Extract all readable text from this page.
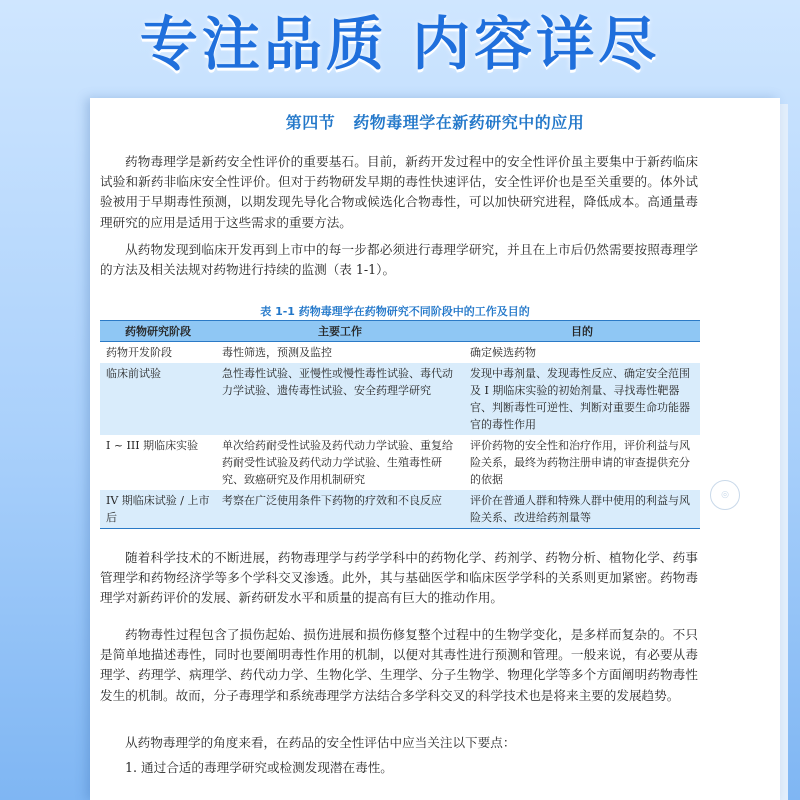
专注品质 内容详尽
第四节 药物毒理学在新药研究中的应用

药物毒理学是新药安全性评价的重要基石。目前，新药开发过程中的安全性评价虽主要集中于新药临床试验和新药非临床安全性评价。但对于药物研发早期的毒性快速评估，安全性评价也是至关重要的。体外试验被用于早期毒性预测，以期发现先导化合物或候选化合物毒性，可以加快研究进程，降低成本。高通量毒理研究的应用是适用于这些需求的重要方法。

从药物发现到临床开发再到上市中的每一步都必须进行毒理学研究，并且在上市后仍然需要按照毒理学的方法及相关法规对药物进行持续的监测（表 1-1）。

表 1-1 药物毒理学在药物研究不同阶段中的工作及目的
药物研究阶段	主要工作	目的
药物开发阶段	毒性筛选，预测及监控	确定候选药物
临床前试验	急性毒性试验、亚慢性或慢性毒性试验、毒代动力学试验、遗传毒性试验、安全药理学研究	发现中毒剂量、发现毒性反应、确定安全范围及 I 期临床实验的初始剂量、寻找毒性靶器官、判断毒性可逆性、判断对重要生命功能器官的毒性作用
I ~ III 期临床实验	单次给药耐受性试验及药代动力学试验、重复给药耐受性试验及药代动力学试验、生殖毒性研究、致癌研究及作用机制研究	评价药物的安全性和治疗作用，评价利益与风险关系，最终为药物注册申请的审查提供充分的依据
IV 期临床试验 / 上市后	考察在广泛使用条件下药物的疗效和不良反应	评价在普通人群和特殊人群中使用的利益与风险关系、改进给药剂量等

随着科学技术的不断进展，药物毒理学与药学学科中的药物化学、药剂学、药物分析、植物化学、药事管理学和药物经济学等多个学科交叉渗透。此外，其与基础医学和临床医学学科的关系则更加紧密。药物毒理学对新药评价的发展、新药研发水平和质量的提高有巨大的推动作用。

药物毒性过程包含了损伤起始、损伤进展和损伤修复整个过程中的生物学变化，是多样而复杂的。不只是简单地描述毒性，同时也要阐明毒性作用的机制，以便对其毒性进行预测和管理。一般来说，有必要从毒理学、药理学、病理学、药代动力学、生物化学、生理学、分子生物学、物理化学等多个方面阐明药物毒性发生的机制。故而，分子毒理学和系统毒理学方法结合多学科交叉的科学技术也是将来主要的发展趋势。

从药物毒理学的角度来看，在药品的安全性评估中应当关注以下要点：

1. 通过合适的毒理学研究或检测发现潜在毒性。

◎
